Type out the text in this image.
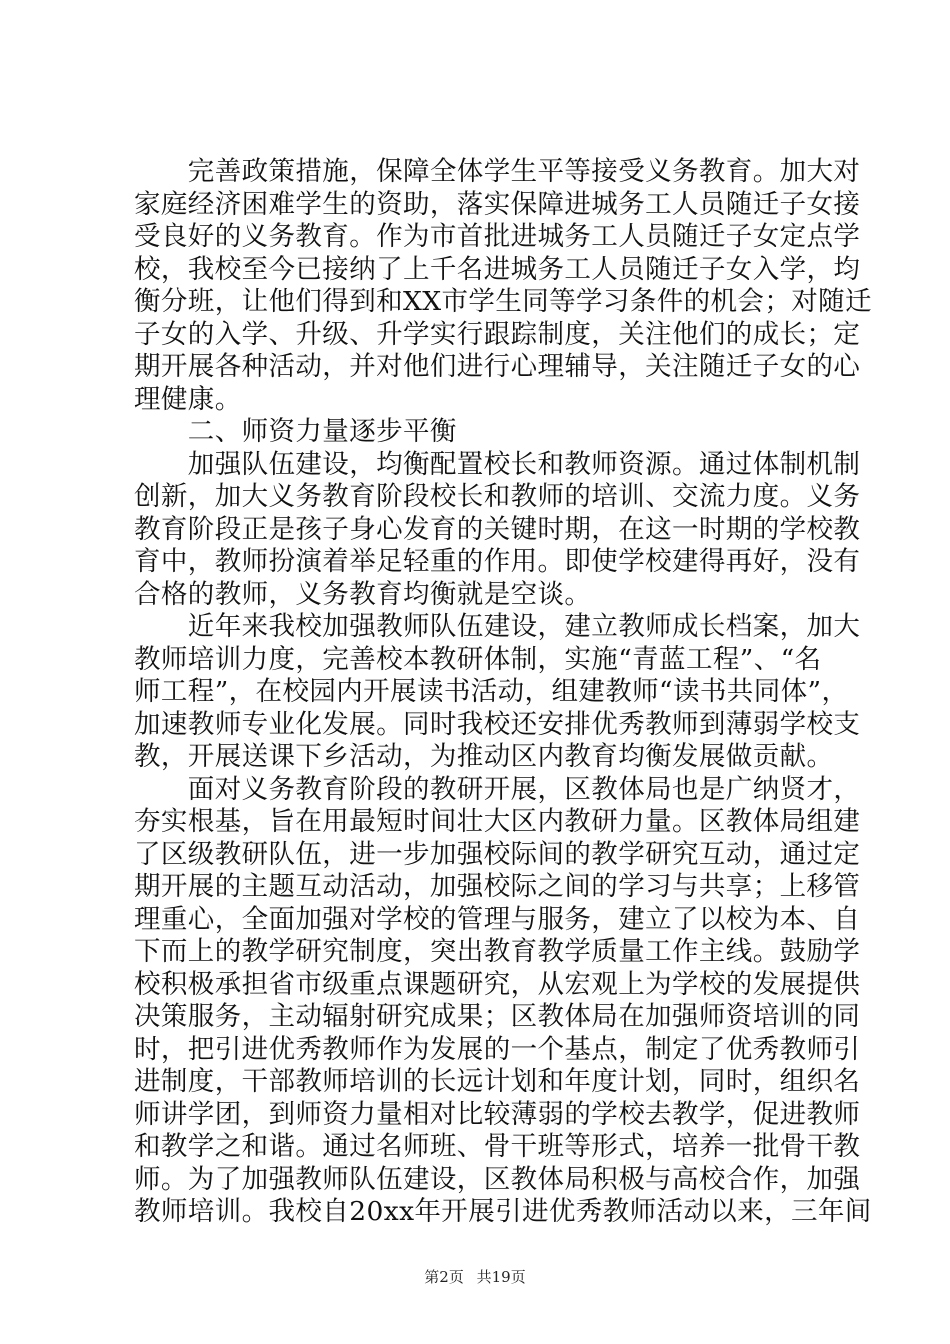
　　完善政策措施，保障全体学生平等接受义务教育。加大对
家庭经济困难学生的资助，落实保障进城务工人员随迁子女接
受良好的义务教育。作为市首批进城务工人员随迁子女定点学
校，我校至今已接纳了上千名进城务工人员随迁子女入学，均
衡分班，让他们得到和XX市学生同等学习条件的机会；对随迁
子女的入学、升级、升学实行跟踪制度，关注他们的成长；定
期开展各种活动，并对他们进行心理辅导，关注随迁子女的心
理健康。
　　二、师资力量逐步平衡
　　加强队伍建设，均衡配置校长和教师资源。通过体制机制
创新，加大义务教育阶段校长和教师的培训、交流力度。义务
教育阶段正是孩子身心发育的关键时期，在这一时期的学校教
育中，教师扮演着举足轻重的作用。即使学校建得再好，没有
合格的教师，义务教育均衡就是空谈。
　　近年来我校加强教师队伍建设，建立教师成长档案，加大
教师培训力度，完善校本教研体制，实施“青蓝工程”、“名
师工程”，在校园内开展读书活动，组建教师“读书共同体”，
加速教师专业化发展。同时我校还安排优秀教师到薄弱学校支
教，开展送课下乡活动，为推动区内教育均衡发展做贡献。
　　面对义务教育阶段的教研开展，区教体局也是广纳贤才，
夯实根基，旨在用最短时间壮大区内教研力量。区教体局组建
了区级教研队伍，进一步加强校际间的教学研究互动，通过定
期开展的主题互动活动，加强校际之间的学习与共享；上移管
理重心，全面加强对学校的管理与服务，建立了以校为本、自
下而上的教学研究制度，突出教育教学质量工作主线。鼓励学
校积极承担省市级重点课题研究，从宏观上为学校的发展提供
决策服务，主动辐射研究成果；区教体局在加强师资培训的同
时，把引进优秀教师作为发展的一个基点，制定了优秀教师引
进制度，干部教师培训的长远计划和年度计划，同时，组织名
师讲学团，到师资力量相对比较薄弱的学校去教学，促进教师
和教学之和谐。通过名师班、骨干班等形式，培养一批骨干教
师。为了加强教师队伍建设，区教体局积极与高校合作，加强
教师培训。我校自20xx年开展引进优秀教师活动以来，三年间
第2页 共19页
